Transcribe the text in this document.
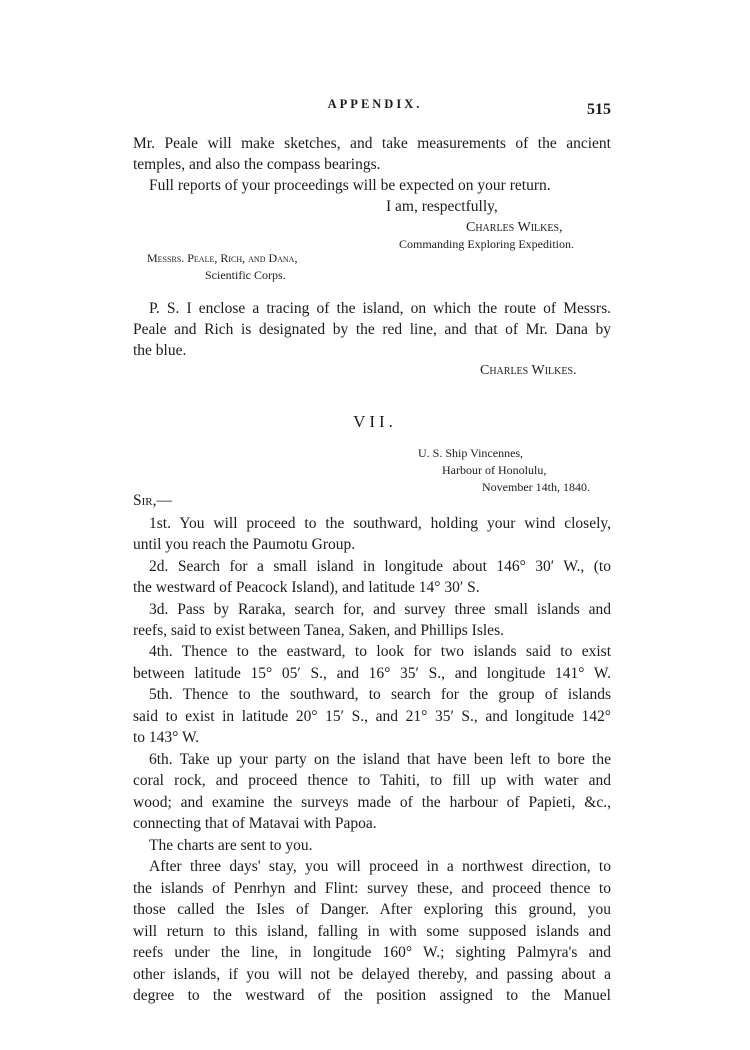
APPENDIX.	515
Mr. Peale will make sketches, and take measurements of the ancient
temples, and also the compass bearings.
Full reports of your proceedings will be expected on your return.
I am, respectfully,
Charles Wilkes,
Commanding Exploring Expedition.
Messrs. Peale, Rich, and Dana,
Scientific Corps.
P. S. I enclose a tracing of the island, on which the route of Messrs.
Peale and Rich is designated by the red line, and that of Mr. Dana by
the blue.
Charles Wilkes.
VII.
U. S. Ship Vincennes,
Harbour of Honolulu,
November 14th, 1840.
Sir,—
1st. You will proceed to the southward, holding your wind closely,
until you reach the Paumotu Group.
2d. Search for a small island in longitude about 146° 30′ W., (to
the westward of Peacock Island), and latitude 14° 30′ S.
3d. Pass by Raraka, search for, and survey three small islands and
reefs, said to exist between Tanea, Saken, and Phillips Isles.
4th. Thence to the eastward, to look for two islands said to exist
between latitude 15° 05′ S., and 16° 35′ S., and longitude 141° W.
5th. Thence to the southward, to search for the group of islands
said to exist in latitude 20° 15′ S., and 21° 35′ S., and longitude 142°
to 143° W.
6th. Take up your party on the island that have been left to bore the
coral rock, and proceed thence to Tahiti, to fill up with water and
wood; and examine the surveys made of the harbour of Papieti, &c.,
connecting that of Matavai with Papoa.
The charts are sent to you.
After three days' stay, you will proceed in a northwest direction, to
the islands of Penrhyn and Flint: survey these, and proceed thence to
those called the Isles of Danger. After exploring this ground, you
will return to this island, falling in with some supposed islands and
reefs under the line, in longitude 160° W.; sighting Palmyra's and
other islands, if you will not be delayed thereby, and passing about a
degree to the westward of the position assigned to the Manuel
